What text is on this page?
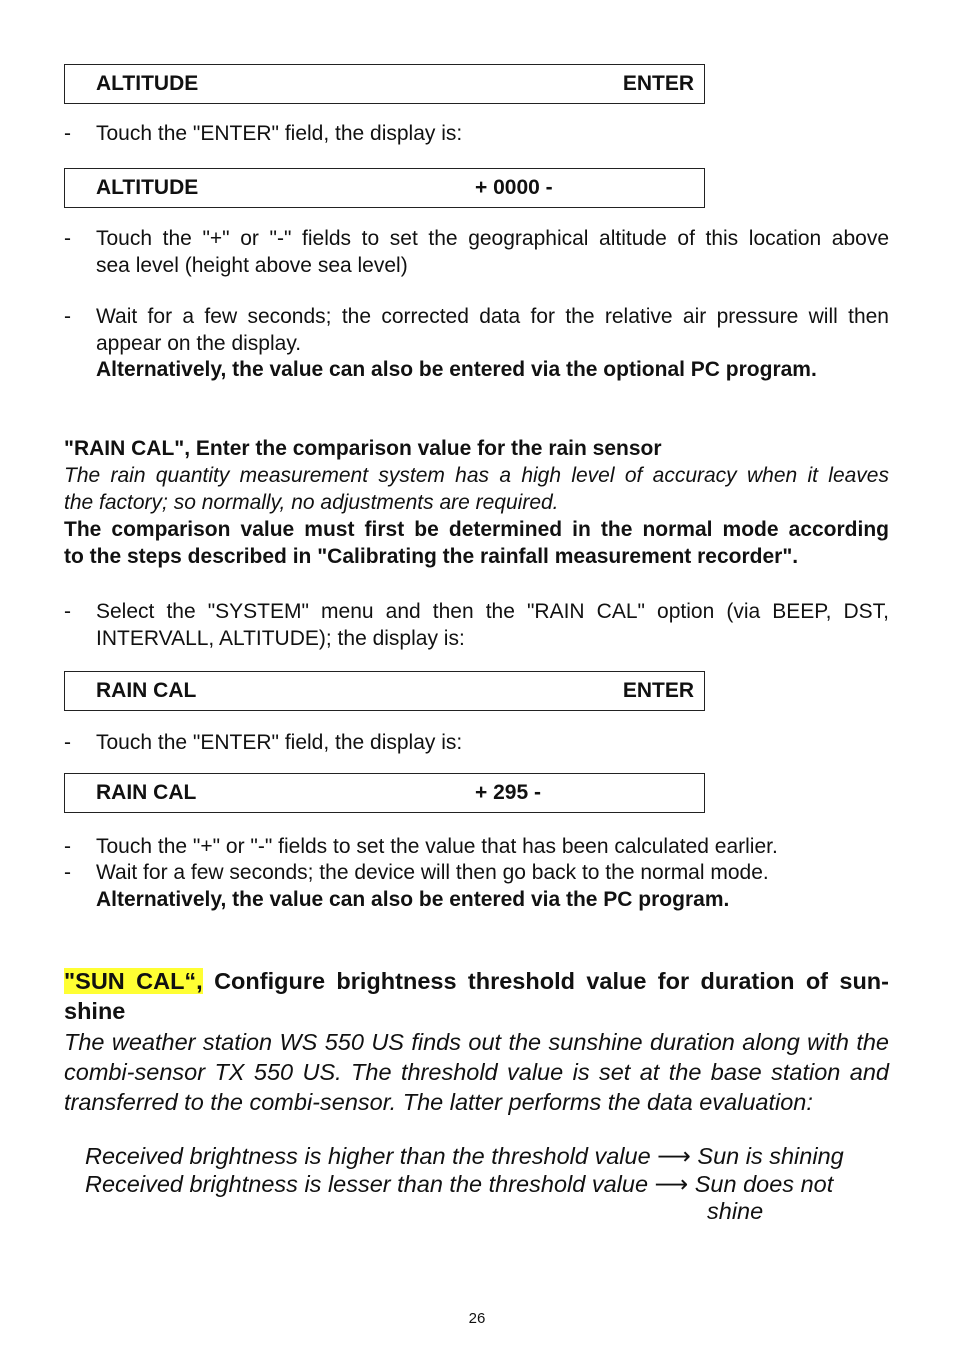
ALTITUDE	ENTER
- Touch the "ENTER" field, the display is:
ALTITUDE	+ 0000 -
- Touch the "+" or "-" fields to set the geographical altitude of this location above
sea level (height above sea level)
- Wait for a few seconds; the corrected data for the relative air pressure will then
appear on the display.
Alternatively, the value can also be entered via the optional PC program.
"RAIN CAL", Enter the comparison value for the rain sensor
The rain quantity measurement system has a high level of accuracy when it leaves
the factory; so normally, no adjustments are required.
The comparison value must first be determined in the normal mode according
to the steps described in "Calibrating the rainfall measurement recorder".
- Select the "SYSTEM" menu and then the "RAIN CAL" option (via BEEP, DST,
INTERVALL, ALTITUDE); the display is:
RAIN CAL	ENTER
- Touch the "ENTER" field, the display is:
RAIN CAL	+ 295 -
- Touch the "+" or "-" fields to set the value that has been calculated earlier.
- Wait for a few seconds; the device will then go back to the normal mode.
Alternatively, the value can also be entered via the PC program.
"SUN CAL“, Configure brightness threshold value for duration of sun-
shine
The weather station WS 550 US finds out the sunshine duration along with the
combi-sensor TX 550 US. The threshold value is set at the base station and
transferred to the combi-sensor. The latter performs the data evaluation:
Received brightness is higher than the threshold value ⟶ Sun is shining
Received brightness is lesser than the threshold value ⟶ Sun does not
shine
26
